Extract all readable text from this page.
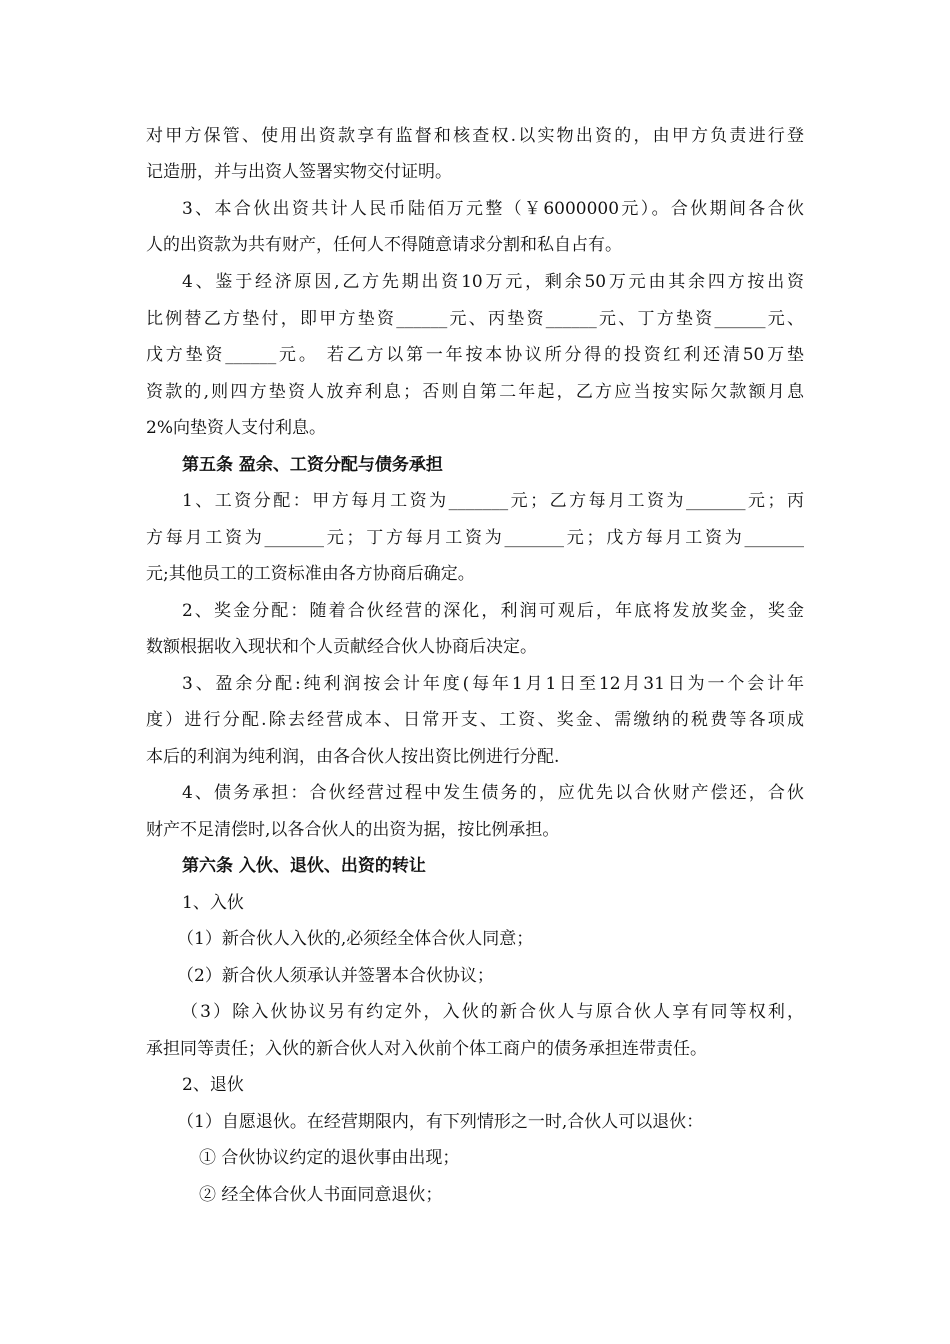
对甲方保管、使用出资款享有监督和核查权.以实物出资的，由甲方负责进行登
记造册，并与出资人签署实物交付证明。
3、本合伙出资共计人民币陆佰万元整（￥6000000元）。合伙期间各合伙
人的出资款为共有财产，任何人不得随意请求分割和私自占有。
4、鉴于经济原因,乙方先期出资10万元，剩余50万元由其余四方按出资
比例替乙方垫付，即甲方垫资______元、丙垫资______元、丁方垫资______元、
戊方垫资______元。 若乙方以第一年按本协议所分得的投资红利还清50万垫
资款的,则四方垫资人放弃利息；否则自第二年起，乙方应当按实际欠款额月息
2%向垫资人支付利息。
第五条 盈余、工资分配与债务承担
1、工资分配：甲方每月工资为_______元；乙方每月工资为_______元；丙
方每月工资为_______元；丁方每月工资为_______元；戊方每月工资为_______
元;其他员工的工资标准由各方协商后确定。
2、奖金分配：随着合伙经营的深化，利润可观后，年底将发放奖金，奖金
数额根据收入现状和个人贡献经合伙人协商后决定。
3、盈余分配:纯利润按会计年度(每年1月1日至12月31日为一个会计年
度）进行分配.除去经营成本、日常开支、工资、奖金、需缴纳的税费等各项成
本后的利润为纯利润，由各合伙人按出资比例进行分配.
4、债务承担：合伙经营过程中发生债务的，应优先以合伙财产偿还，合伙
财产不足清偿时,以各合伙人的出资为据，按比例承担。
第六条 入伙、退伙、出资的转让
1、入伙
（1）新合伙人入伙的,必须经全体合伙人同意；
（2）新合伙人须承认并签署本合伙协议；
（3）除入伙协议另有约定外，入伙的新合伙人与原合伙人享有同等权利，
承担同等责任；入伙的新合伙人对入伙前个体工商户的债务承担连带责任。
2、退伙
（1）自愿退伙。在经营期限内，有下列情形之一时,合伙人可以退伙：
① 合伙协议约定的退伙事由出现；
② 经全体合伙人书面同意退伙；
